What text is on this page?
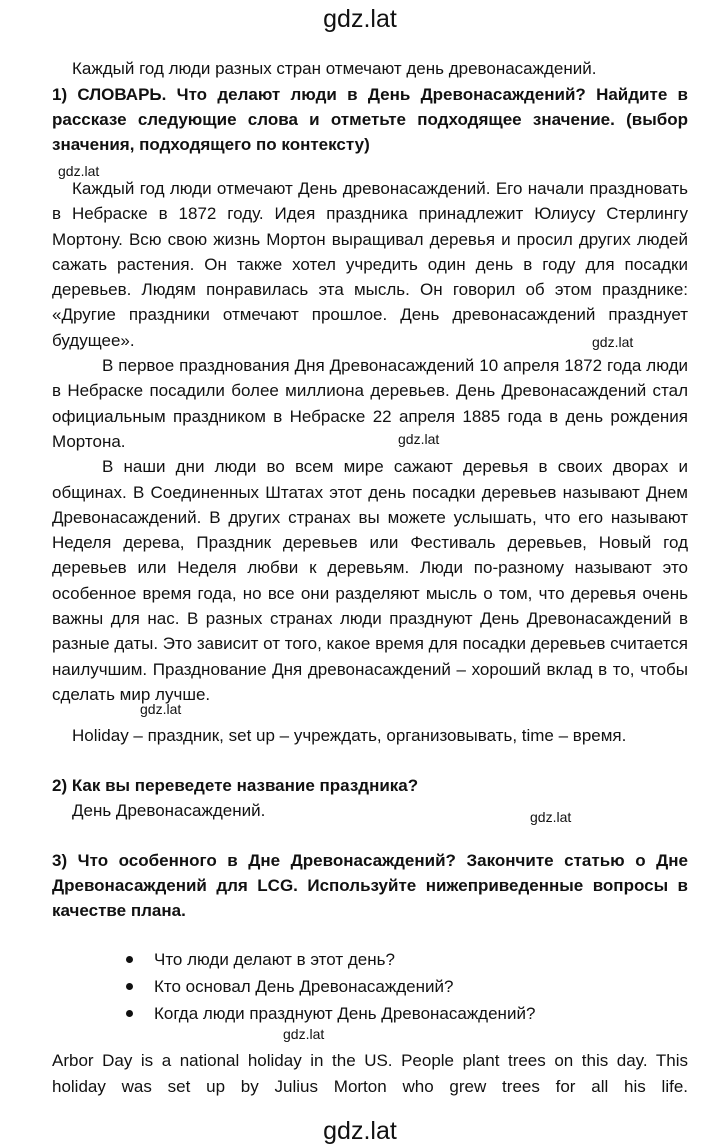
gdz.lat
Каждый год люди разных стран отмечают день древонасаждений.
1) СЛОВАРЬ. Что делают люди в День Древонасаждений? Найдите в рассказе следующие слова и отметьте подходящее значение. (выбор значения, подходящего по контексту)
gdz.lat

Каждый год люди отмечают День древонасаждений. Его начали праздновать в Небраске в 1872 году. Идея праздника принадлежит Юлиусу Стерлингу Мортону. Всю свою жизнь Мортон выращивал деревья и просил других людей сажать растения. Он также хотел учредить один день в году для посадки деревьев. Людям понравилась эта мысль. Он говорил об этом празднике: «Другие праздники отмечают прошлое. День древонасаждений празднует будущее».

В первое празднования Дня Древонасаждений 10 апреля 1872 года люди в Небраске посадили более миллиона деревьев. День Древонасаждений стал официальным праздником в Небраске 22 апреля 1885 года в день рождения Мортона.

В наши дни люди во всем мире сажают деревья в своих дворах и общинах. В Соединенных Штатах этот день посадки деревьев называют Днем Древонасаждений. В других странах вы можете услышать, что его называют Неделя дерева, Праздник деревьев или Фестиваль деревьев, Новый год деревьев или Неделя любви к деревьям. Люди по-разному называют это особенное время года, но все они разделяют мысль о том, что деревья очень важны для нас. В разных странах люди празднуют День Древонасаждений в разные даты. Это зависит от того, какое время для посадки деревьев считается наилучшим. Празднование Дня древонасаждений – хороший вклад в то, чтобы сделать мир лучше.

gdz.lat
gdz.lat
gdz.lat
Holiday – праздник, set up – учреждать, организовывать, time – время.
2) Как вы переведете название праздника?
День Древонасаждений.	gdz.lat
3) Что особенного в Дне Древонасаждений? Закончите статью о Дне Древонасаждений для LCG. Используйте нижеприведенные вопросы в качестве плана.
Что люди делают в этот день?
Кто основал День Древонасаждений?
Когда люди празднуют День Древонасаждений?
gdz.lat
Arbor Day is a national holiday in the US. People plant trees on this day. This holiday was set up by Julius Morton who grew trees for all his life.
gdz.lat
